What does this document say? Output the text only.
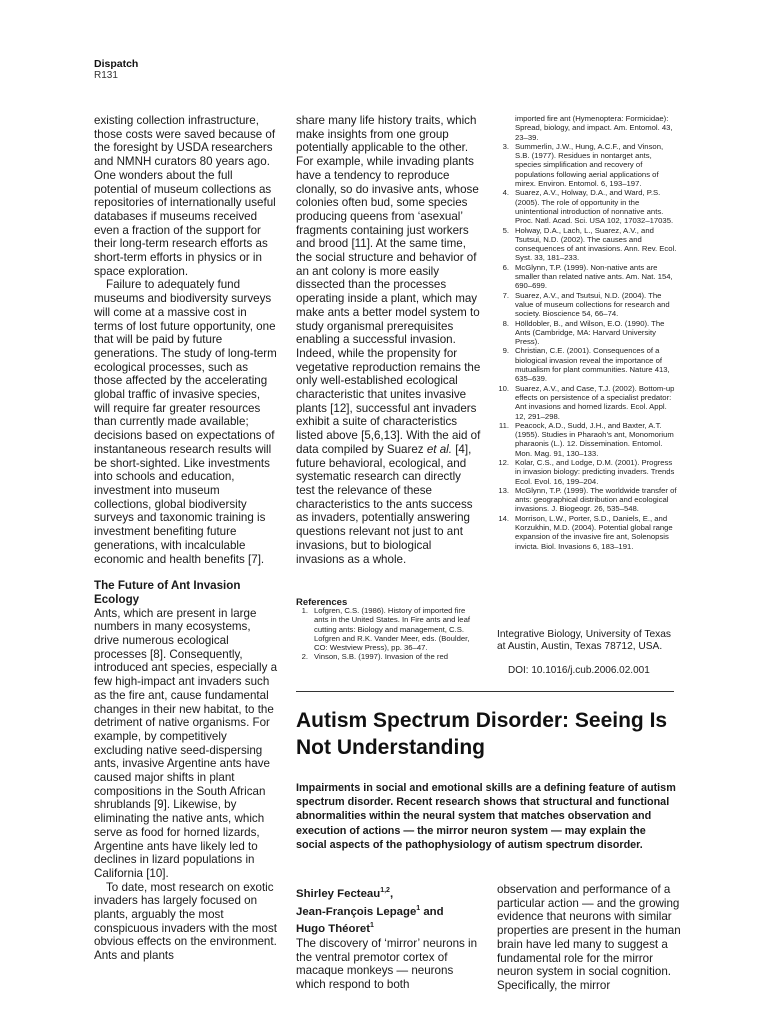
Dispatch
R131

existing collection infrastructure, those costs were saved because of the foresight by USDA researchers and NMNH curators 80 years ago. One wonders about the full potential of museum collections as repositories of internationally useful databases if museums received even a fraction of the support for their long-term research efforts as short-term efforts in physics or in space exploration.

Failure to adequately fund museums and biodiversity surveys will come at a massive cost in terms of lost future opportunity, one that will be paid by future generations. The study of long-term ecological processes, such as those affected by the accelerating global traffic of invasive species, will require far greater resources than currently made available; decisions based on expectations of instantaneous research results will be short-sighted. Like investments into schools and education, investment into museum collections, global biodiversity surveys and taxonomic training is investment benefiting future generations, with incalculable economic and health benefits [7].

The Future of Ant Invasion Ecology

Ants, which are present in large numbers in many ecosystems, drive numerous ecological processes [8]. Consequently, introduced ant species, especially a few high-impact ant invaders such as the fire ant, cause fundamental changes in their new habitat, to the detriment of native organisms. For example, by competitively excluding native seed-dispersing ants, invasive Argentine ants have caused major shifts in plant compositions in the South African shrublands [9]. Likewise, by eliminating the native ants, which serve as food for horned lizards, Argentine ants have likely led to declines in lizard populations in California [10].

To date, most research on exotic invaders has largely focused on plants, arguably the most conspicuous invaders with the most obvious effects on the environment. Ants and plants

share many life history traits, which make insights from one group potentially applicable to the other. For example, while invading plants have a tendency to reproduce clonally, so do invasive ants, whose colonies often bud, some species producing queens from ‘asexual’ fragments containing just workers and brood [11]. At the same time, the social structure and behavior of an ant colony is more easily dissected than the processes operating inside a plant, which may make ants a better model system to study organismal prerequisites enabling a successful invasion. Indeed, while the propensity for vegetative reproduction remains the only well-established ecological characteristic that unites invasive plants [12], successful ant invaders exhibit a suite of characteristics listed above [5,6,13]. With the aid of data compiled by Suarez et al. [4], future behavioral, ecological, and systematic research can directly test the relevance of these characteristics to the ants success as invaders, potentially answering questions relevant not just to ant invasions, but to biological invasions as a whole.

References
1. Lofgren, C.S. (1986). History of imported fire ants in the United States. In Fire ants and leaf cutting ants: Biology and management, C.S. Lofgren and R.K. Vander Meer, eds. (Boulder, CO: Westview Press), pp. 36–47.
2. Vinson, S.B. (1997). Invasion of the red
imported fire ant (Hymenoptera: Formicidae): Spread, biology, and impact. Am. Entomol. 43, 23–39.
3. Summerlin, J.W., Hung, A.C.F., and Vinson, S.B. (1977). Residues in nontarget ants, species simplification and recovery of populations following aerial applications of mirex. Environ. Entomol. 6, 193–197.
4. Suarez, A.V., Holway, D.A., and Ward, P.S. (2005). The role of opportunity in the unintentional introduction of nonnative ants. Proc. Natl. Acad. Sci. USA 102, 17032–17035.
5. Holway, D.A., Lach, L., Suarez, A.V., and Tsutsui, N.D. (2002). The causes and consequences of ant invasions. Ann. Rev. Ecol. Syst. 33, 181–233.
6. McGlynn, T.P. (1999). Non-native ants are smaller than related native ants. Am. Nat. 154, 690–699.
7. Suarez, A.V., and Tsutsui, N.D. (2004). The value of museum collections for research and society. Bioscience 54, 66–74.
8. Hölldobler, B., and Wilson, E.O. (1990). The Ants (Cambridge, MA: Harvard University Press).
9. Christian, C.E. (2001). Consequences of a biological invasion reveal the importance of mutualism for plant communities. Nature 413, 635–639.
10. Suarez, A.V., and Case, T.J. (2002). Bottom-up effects on persistence of a specialist predator: Ant invasions and horned lizards. Ecol. Appl. 12, 291–298.
11. Peacock, A.D., Sudd, J.H., and Baxter, A.T. (1955). Studies in Pharaoh’s ant, Monomorium pharaonis (L.). 12. Dissemination. Entomol. Mon. Mag. 91, 130–133.
12. Kolar, C.S., and Lodge, D.M. (2001). Progress in invasion biology: predicting invaders. Trends Ecol. Evol. 16, 199–204.
13. McGlynn, T.P. (1999). The worldwide transfer of ants: geographical distribution and ecological invasions. J. Biogeogr. 26, 535–548.
14. Morrison, L.W., Porter, S.D., Daniels, E., and Korzukhin, M.D. (2004). Potential global range expansion of the invasive fire ant, Solenopsis invicta. Biol. Invasions 6, 183–191.
Integrative Biology, University of Texas at Austin, Austin, Texas 78712, USA.
DOI: 10.1016/j.cub.2006.02.001
Autism Spectrum Disorder: Seeing Is Not Understanding

Impairments in social and emotional skills are a defining feature of autism spectrum disorder. Recent research shows that structural and functional abnormalities within the neural system that matches observation and execution of actions — the mirror neuron system — may explain the social aspects of the pathophysiology of autism spectrum disorder.

Shirley Fecteau$^{1,2}$,
Jean-François Lepage$^1$ and
Hugo Théoret$^1$

The discovery of ‘mirror’ neurons in the ventral premotor cortex of macaque monkeys — neurons which respond to both

observation and performance of a particular action — and the growing evidence that neurons with similar properties are present in the human brain have led many to suggest a fundamental role for the mirror neuron system in social cognition. Specifically, the mirror
